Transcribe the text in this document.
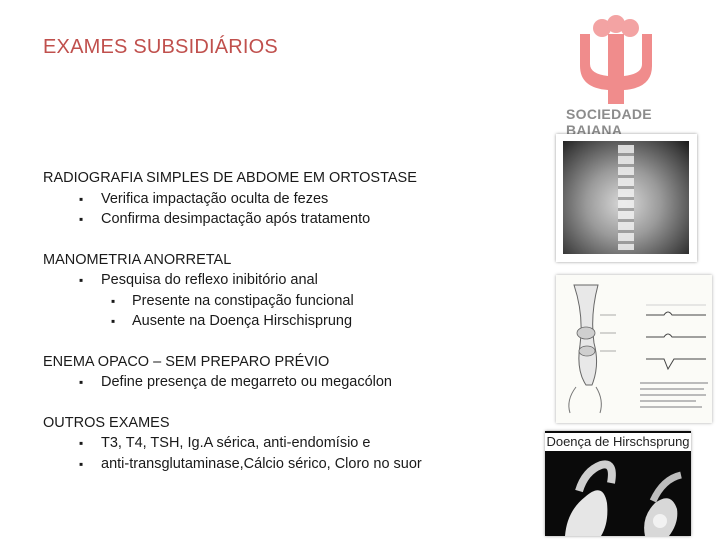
EXAMES SUBSIDIÁRIOS
SOCIEDADE BAIANA
RADIOGRAFIA SIMPLES DE ABDOME EM ORTOSTASE
▪ Verifica impactação oculta de fezes
▪ Confirma desimpactação após tratamento
MANOMETRIA ANORRETAL
▪ Pesquisa do reflexo inibitório anal
▪ Presente na constipação funcional
▪ Ausente na Doença Hirschisprung
ENEMA OPACO – SEM PREPARO PRÉVIO
▪ Define presença de megarreto ou megacólon
OUTROS EXAMES
▪ T3, T4, TSH, Ig.A sérica, anti-endomísio e
▪ anti-transglutaminase,Cálcio sérico, Cloro no suor
Doença de Hirschsprung
